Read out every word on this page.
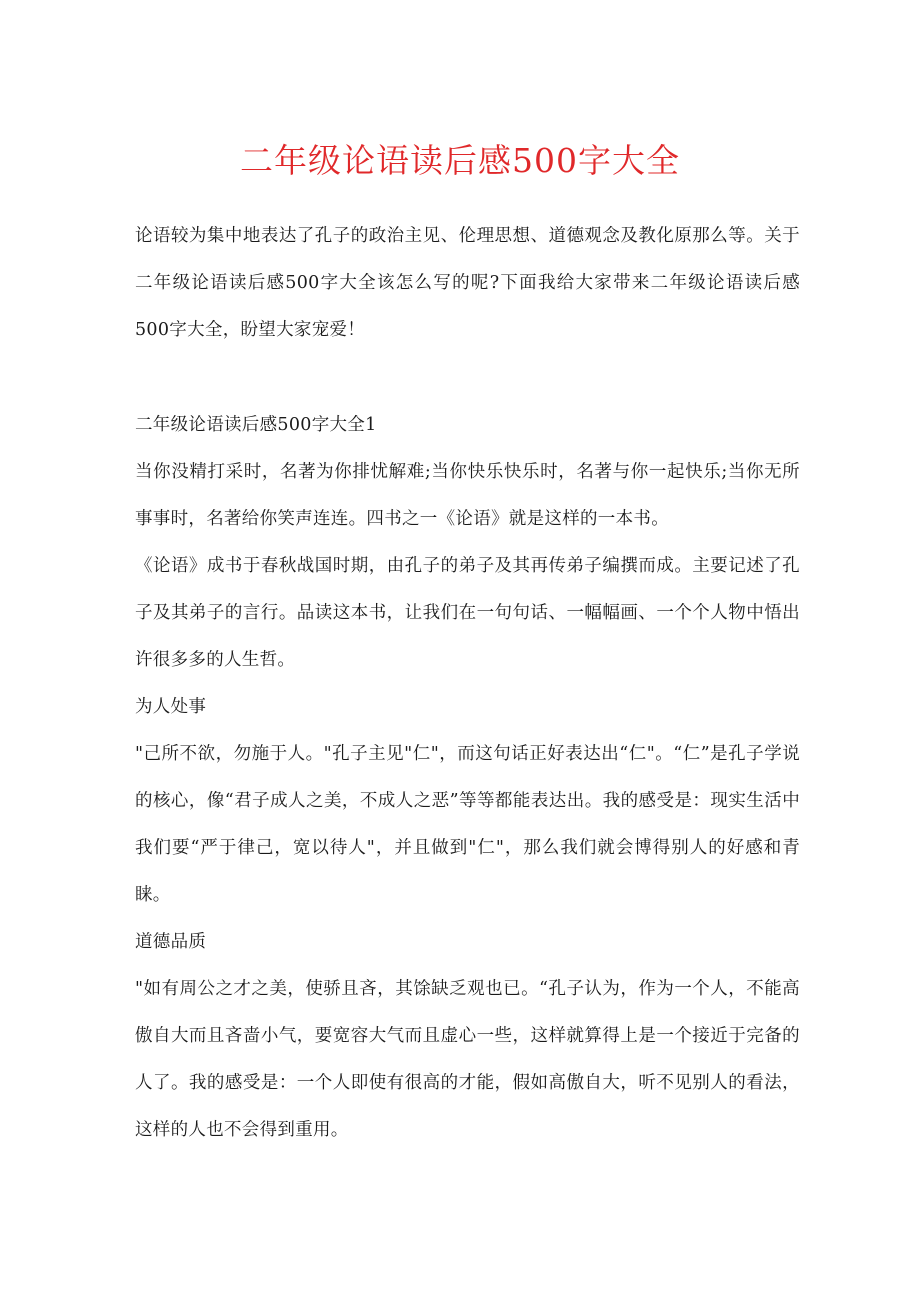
二年级论语读后感500字大全

论语较为集中地表达了孔子的政治主见、伦理思想、道德观念及教化原那么等。关于二年级论语读后感500字大全该怎么写的呢?下面我给大家带来二年级论语读后感500字大全，盼望大家宠爱！

二年级论语读后感500字大全1

当你没精打采时，名著为你排忧解难;当你快乐快乐时，名著与你一起快乐;当你无所事事时，名著给你笑声连连。四书之一《论语》就是这样的一本书。

《论语》成书于春秋战国时期，由孔子的弟子及其再传弟子编撰而成。主要记述了孔子及其弟子的言行。品读这本书，让我们在一句句话、一幅幅画、一个个人物中悟出许很多多的人生哲。

为人处事

"己所不欲，勿施于人。"孔子主见"仁"，而这句话正好表达出“仁"。“仁”是孔子学说的核心，像“君子成人之美，不成人之恶”等等都能表达出。我的感受是：现实生活中我们要“严于律己，宽以待人"，并且做到"仁"，那么我们就会博得别人的好感和青睐。

道德品质

"如有周公之才之美，使骄且吝，其馀缺乏观也已。“孔子认为，作为一个人，不能高傲自大而且吝啬小气，要宽容大气而且虚心一些，这样就算得上是一个接近于完备的人了。我的感受是：一个人即使有很高的才能，假如高傲自大，听不见别人的看法，这样的人也不会得到重用。
